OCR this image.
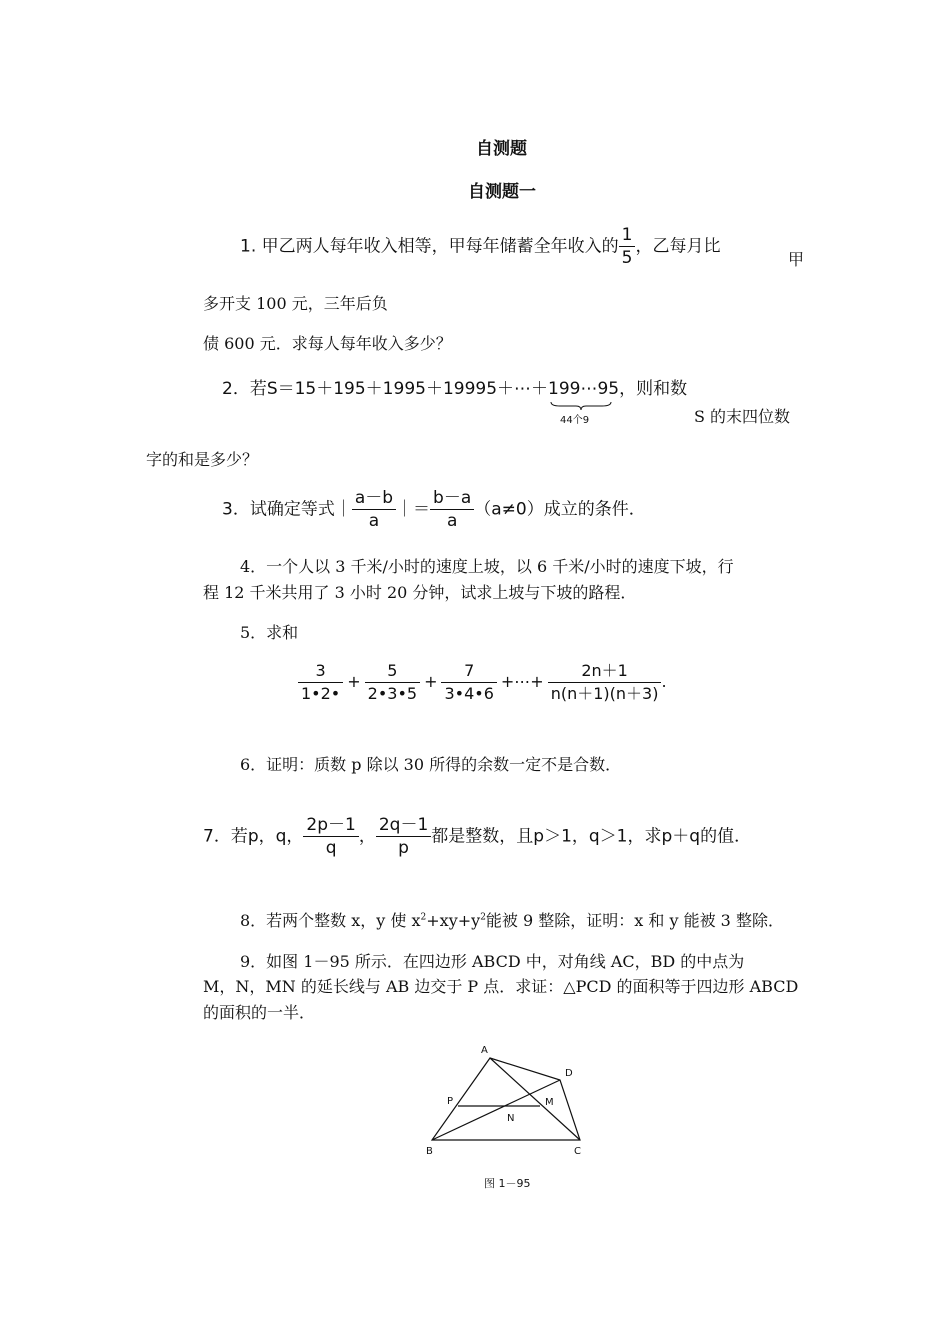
自测题
自测题一
1. 甲乙两人每年收入相等，甲每年储蓄全年收入的 $\frac{1}{5}$ ，乙每月比
甲
多开支 100 元，三年后负
债 600 元．求每人每年收入多少？
2．若S＝15＋195＋1995＋19995＋⋯＋199⋯95
44个9
，则和数
S 的末四位数
字的和是多少？
3．试确定等式｜ $\frac{a-b}{a}$ ｜＝ $\frac{b-a}{a} (a\ne 0)$成立的条件．
4．一个人以 3 千米/小时的速度上坡，以 6 千米/小时的速度下坡，行
程 12 千米共用了 3 小时 20 分钟，试求上坡与下坡的路程．
5．求和
$\frac{3}{1•2•} + \frac{5}{2•3•5} + \frac{7}{3•4•6}$ +⋯+ $\frac{2n+1}{n(n+1)(n+3)}$ .
6．证明：质数 p 除以 30 所得的余数一定不是合数．
7．若p，q， $\frac{2p-1}{q}$ ， $\frac{2q-1}{p}$ 都是整数，且p＞1，q＞1，求p＋q的值．
8．若两个整数 x，y 使 $x^2+xy+y^2$能被 9 整除，证明：x 和 y 能被 3 整除．
9．如图 1－95 所示．在四边形 ABCD 中，对角线 AC，BD 的中点为
M，N，MN 的延长线与 AB 边交于 P 点．求证：△PCD 的面积等于四边形 ABCD
的面积的一半．
A
B	C
D
P
N
M
图 1－95
